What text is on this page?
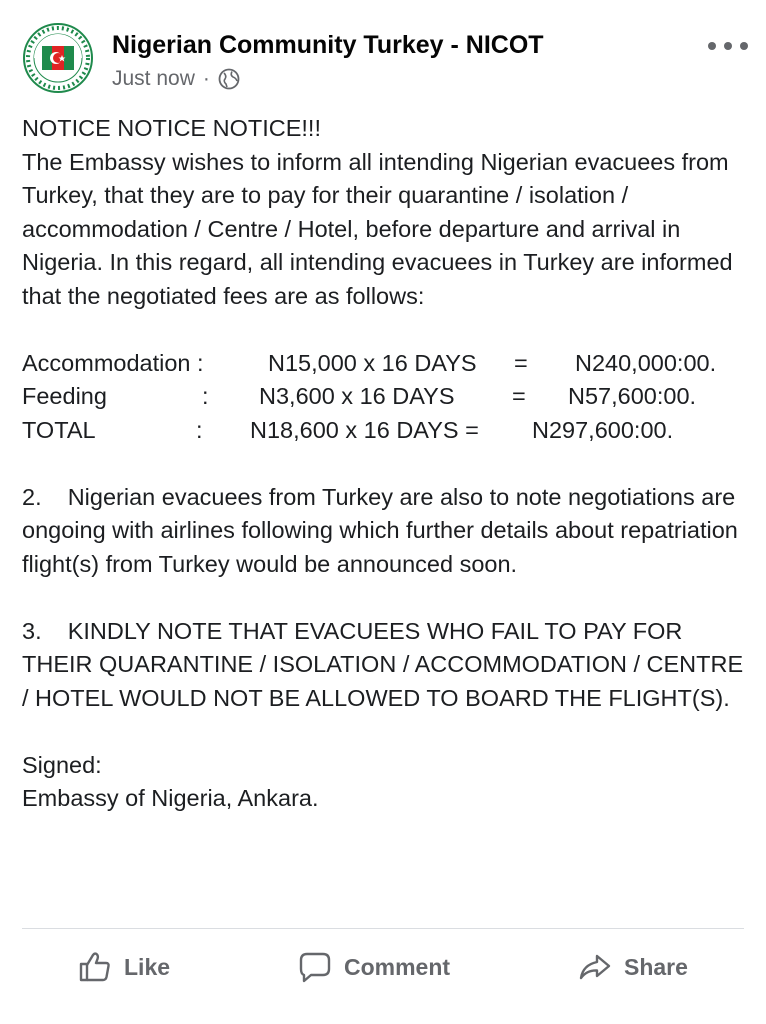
Nigerian Community Turkey - NICOT
Just now ·

NOTICE NOTICE NOTICE!!!

The Embassy wishes to inform all intending Nigerian evacuees from Turkey, that they are to pay for their quarantine / isolation / accommodation / Centre / Hotel, before departure and arrival in Nigeria. In this regard, all intending evacuees in Turkey are informed that the negotiated fees are as follows:

Accommodation :	N15,000 x 16 DAYS = N240,000:00.
Feeding	: N3,600 x 16 DAYS = N57,600:00.
TOTAL	: N18,600 x 16 DAYS = N297,600:00.

2.    Nigerian evacuees from Turkey are also to note negotiations are ongoing with airlines following which further details about repatriation flight(s) from Turkey would be announced soon.

3.    KINDLY NOTE THAT EVACUEES WHO FAIL TO PAY FOR THEIR QUARANTINE / ISOLATION / ACCOMMODATION / CENTRE / HOTEL WOULD NOT BE ALLOWED TO BOARD THE FLIGHT(S).

Signed:

Embassy of Nigeria, Ankara.

Like	Comment	Share
